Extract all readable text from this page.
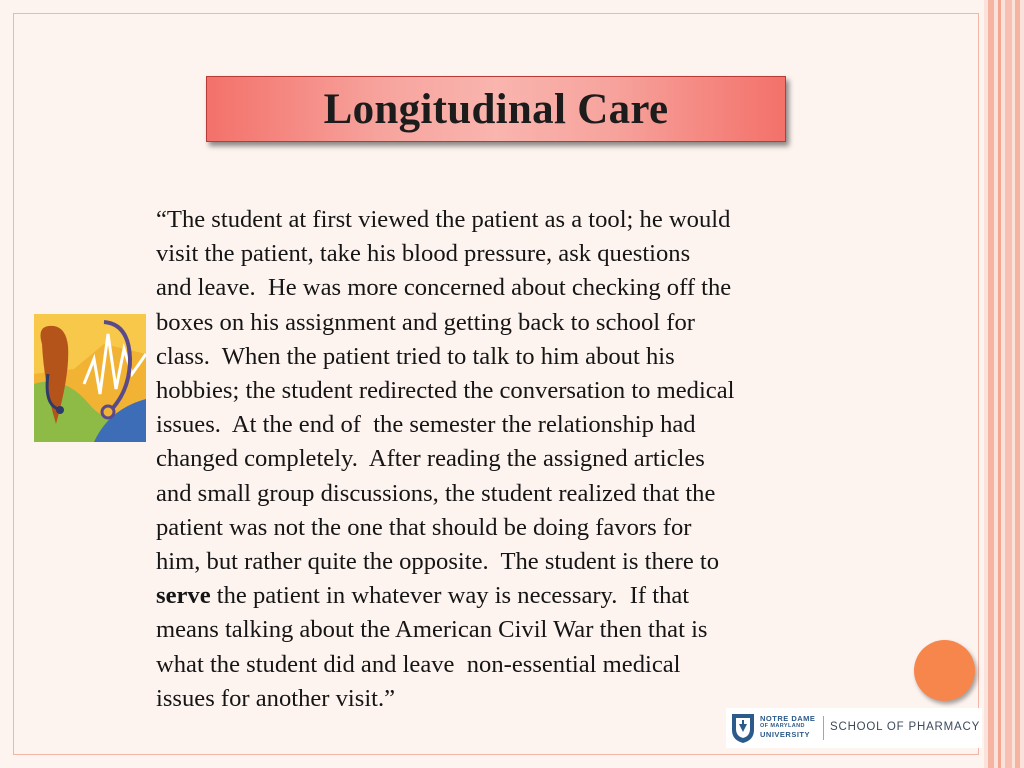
Longitudinal Care
“The student at first viewed the patient as a tool; he would
visit the patient, take his blood pressure, ask questions
and leave.  He was more concerned about checking off the
boxes on his assignment and getting back to school for
class.  When the patient tried to talk to him about his
hobbies; the student redirected the conversation to medical
issues.  At the end of  the semester the relationship had
changed completely.  After reading the assigned articles
and small group discussions, the student realized that the
patient was not the one that should be doing favors for
him, but rather quite the opposite.  The student is there to
serve the patient in whatever way is necessary.  If that
means talking about the American Civil War then that is
what the student did and leave  non-essential medical
issues for another visit.”
NOTRE DAME
OF MARYLAND
UNIVERSITY
SCHOOL OF PHARMACY
